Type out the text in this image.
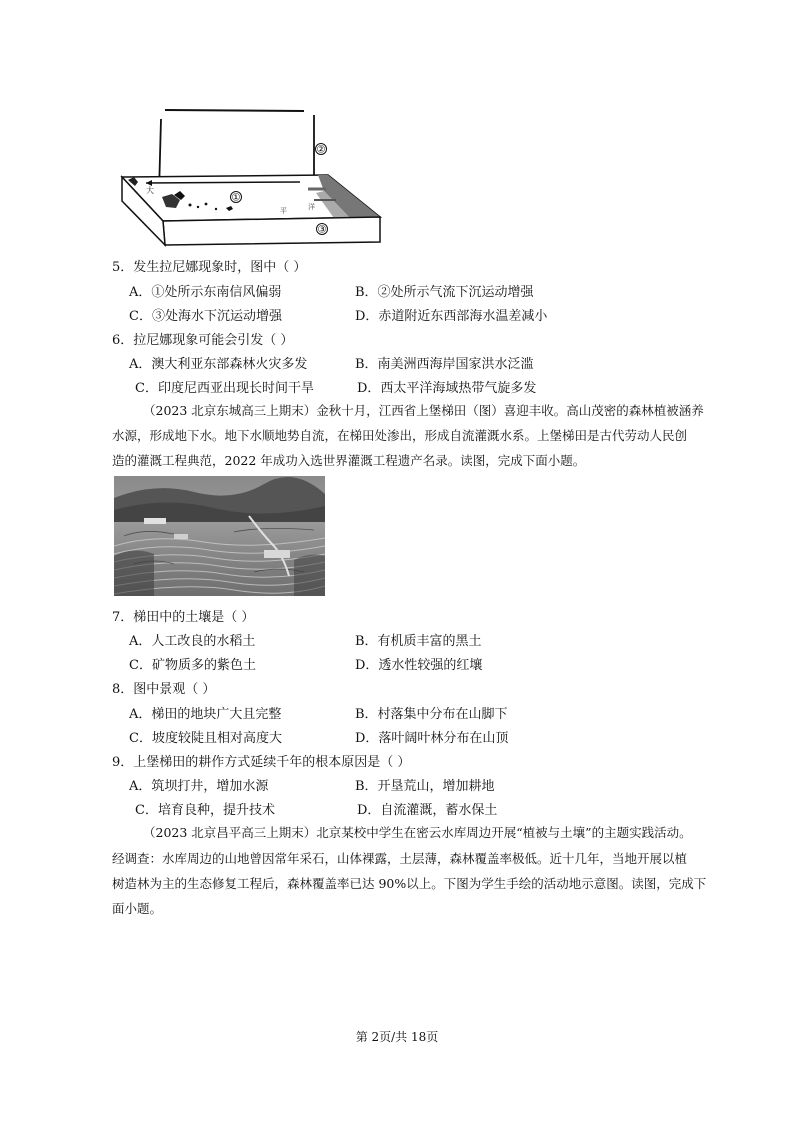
平	洋
大
①
②
③
5．发生拉尼娜现象时，图中（ ）
A．①处所示东南信风偏弱	B．②处所示气流下沉运动增强
C．③处海水下沉运动增强	D．赤道附近东西部海水温差减小
6．拉尼娜现象可能会引发（ ）
A．澳大利亚东部森林火灾多发	B．南美洲西海岸国家洪水泛滥
C．印度尼西亚出现长时间干旱	D．西太平洋海域热带气旋多发
（2023 北京东城高三上期末）金秋十月，江西省上堡梯田（图）喜迎丰收。高山茂密的森林植被涵养
水源，形成地下水。地下水顺地势自流，在梯田处渗出，形成自流灌溉水系。上堡梯田是古代劳动人民创
造的灌溉工程典范，2022 年成功入选世界灌溉工程遗产名录。读图，完成下面小题。
7．梯田中的土壤是（ ）
A．人工改良的水稻土	B．有机质丰富的黑土
C．矿物质多的紫色土	D．透水性较强的红壤
8．图中景观（ ）
A．梯田的地块广大且完整	B．村落集中分布在山脚下
C．坡度较陡且相对高度大	D．落叶阔叶林分布在山顶
9．上堡梯田的耕作方式延续千年的根本原因是（ ）
A．筑坝打井，增加水源	B．开垦荒山，增加耕地
C．培育良种，提升技术	D．自流灌溉，蓄水保土
（2023 北京昌平高三上期末）北京某校中学生在密云水库周边开展“植被与土壤”的主题实践活动。
经调查：水库周边的山地曾因常年采石，山体裸露，土层薄，森林覆盖率极低。近十几年，当地开展以植
树造林为主的生态修复工程后，森林覆盖率已达 90%以上。下图为学生手绘的活动地示意图。读图，完成下
面小题。
第 2页/共 18页
